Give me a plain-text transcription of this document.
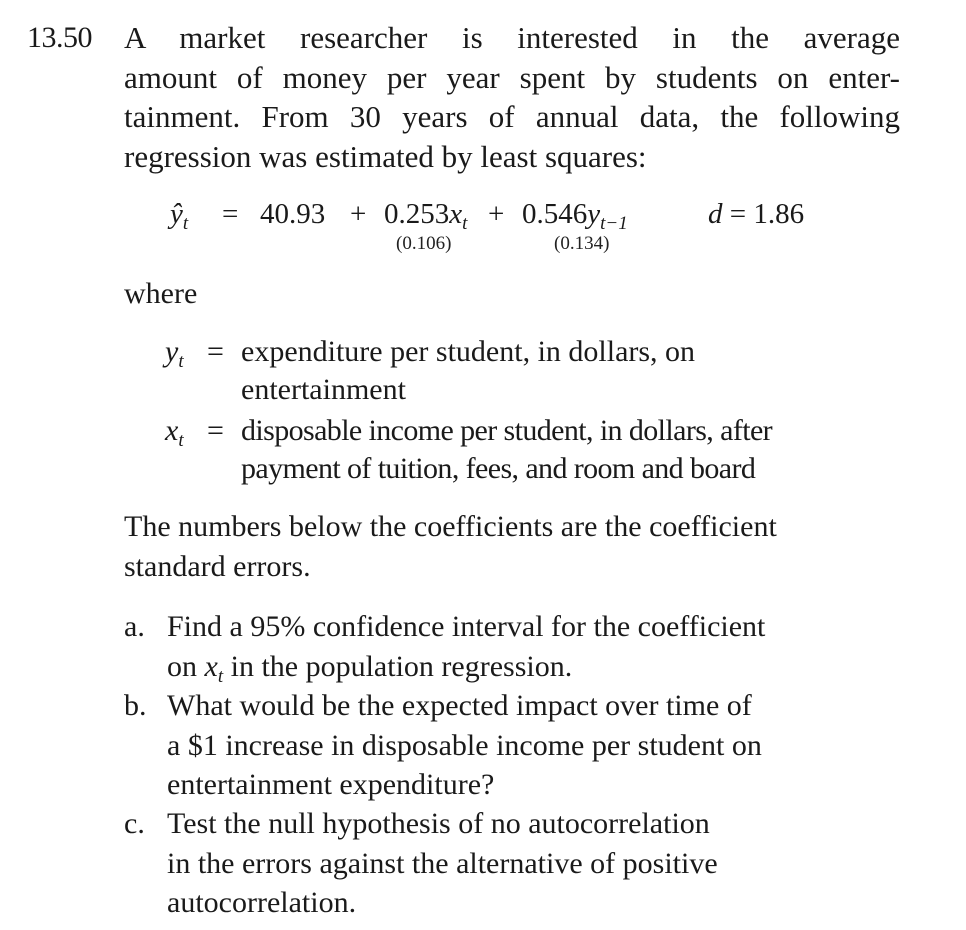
13.50 A market researcher is interested in the average
amount of money per year spent by students on enter-
tainment. From 30 years of annual data, the following
regression was estimated by least squares:
$ŷ_t = 40.93 + 0.253x_t + 0.546y_{t-1}$	d = 1.86
(0.106)	(0.134)
where
$y_t$ = expenditure per student, in dollars, on
entertainment
$x_t$ = disposable income per student, in dollars, after
payment of tuition, fees, and room and board
The numbers below the coefficients are the coefficient
standard errors.
a. Find a 95% confidence interval for the coefficient
on $x_t$ in the population regression.
b. What would be the expected impact over time of
a $1 increase in disposable income per student on
entertainment expenditure?
c. Test the null hypothesis of no autocorrelation
in the errors against the alternative of positive
autocorrelation.
